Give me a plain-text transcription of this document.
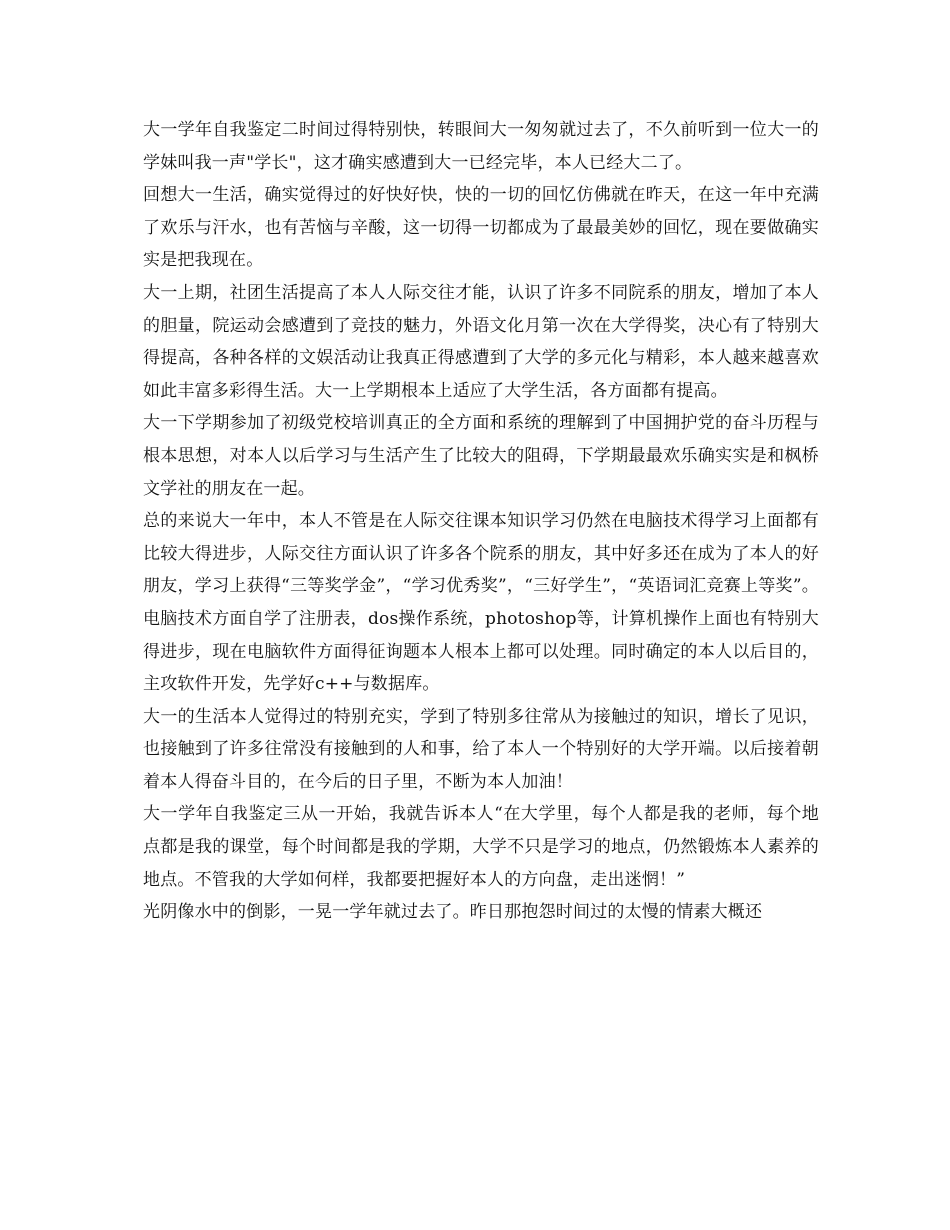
大一学年自我鉴定二时间过得特别快，转眼间大一匆匆就过去了，不久前听到一位大一的学妹叫我一声"学长"，这才确实感遭到大一已经完毕，本人已经大二了。

回想大一生活，确实觉得过的好快好快，快的一切的回忆仿佛就在昨天，在这一年中充满了欢乐与汗水，也有苦恼与辛酸，这一切得一切都成为了最最美妙的回忆，现在要做确实实是把我现在。

大一上期，社团生活提高了本人人际交往才能，认识了许多不同院系的朋友，增加了本人的胆量，院运动会感遭到了竞技的魅力，外语文化月第一次在大学得奖，决心有了特别大得提高，各种各样的文娱活动让我真正得感遭到了大学的多元化与精彩，本人越来越喜欢如此丰富多彩得生活。大一上学期根本上适应了大学生活，各方面都有提高。

大一下学期参加了初级党校培训真正的全方面和系统的理解到了中国拥护党的奋斗历程与根本思想，对本人以后学习与生活产生了比较大的阻碍，下学期最最欢乐确实实是和枫桥文学社的朋友在一起。

总的来说大一年中，本人不管是在人际交往课本知识学习仍然在电脑技术得学习上面都有比较大得进步，人际交往方面认识了许多各个院系的朋友，其中好多还在成为了本人的好朋友，学习上获得“三等奖学金”，“学习优秀奖”，“三好学生”，“英语词汇竞赛上等奖”。电脑技术方面自学了注册表，dos操作系统，photoshop等，计算机操作上面也有特别大得进步，现在电脑软件方面得征询题本人根本上都可以处理。同时确定的本人以后目的，主攻软件开发，先学好c++与数据库。

大一的生活本人觉得过的特别充实，学到了特别多往常从为接触过的知识，增长了见识，也接触到了许多往常没有接触到的人和事，给了本人一个特别好的大学开端。以后接着朝着本人得奋斗目的，在今后的日子里，不断为本人加油！

大一学年自我鉴定三从一开始，我就告诉本人“在大学里，每个人都是我的老师，每个地点都是我的课堂，每个时间都是我的学期，大学不只是学习的地点，仍然锻炼本人素养的地点。不管我的大学如何样，我都要把握好本人的方向盘，走出迷惘！”

光阴像水中的倒影，一晃一学年就过去了。昨日那抱怨时间过的太慢的情素大概还
